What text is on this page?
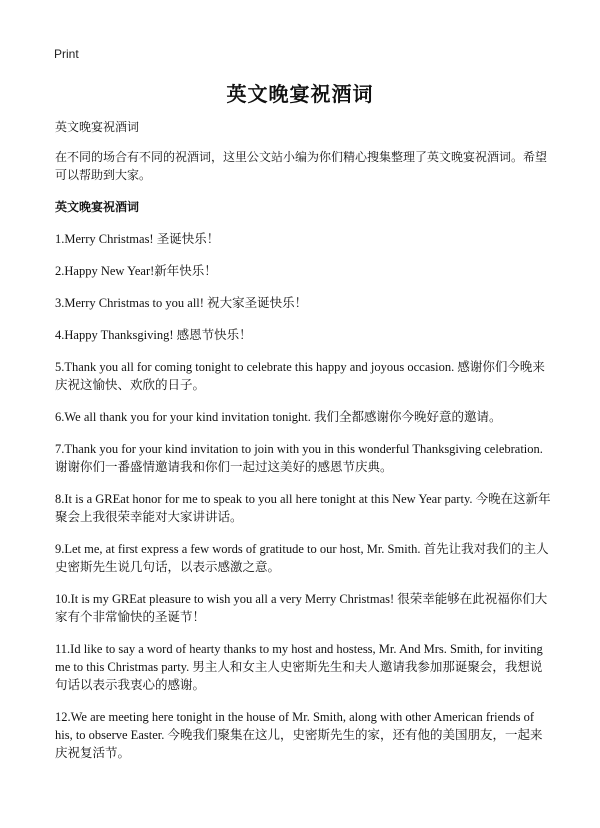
Print
英文晚宴祝酒词

英文晚宴祝酒词

在不同的场合有不同的祝酒词，这里公文站小编为你们精心搜集整理了英文晚宴祝酒词。希望可以帮助到大家。

英文晚宴祝酒词

1.Merry Christmas! 圣诞快乐！

2.Happy New Year!新年快乐！

3.Merry Christmas to you all! 祝大家圣诞快乐！

4.Happy Thanksgiving! 感恩节快乐！

5.Thank you all for coming tonight to celebrate this happy and joyous occasion. 感谢你们今晚来庆祝这愉快、欢欣的日子。

6.We all thank you for your kind invitation tonight. 我们全都感谢你今晚好意的邀请。

7.Thank you for your kind invitation to join with you in this wonderful Thanksgiving celebration. 谢谢你们一番盛情邀请我和你们一起过这美好的感恩节庆典。

8.It is a GREat honor for me to speak to you all here tonight at this New Year party. 今晚在这新年聚会上我很荣幸能对大家讲讲话。

9.Let me, at first express a few words of gratitude to our host, Mr. Smith. 首先让我对我们的主人史密斯先生说几句话，以表示感激之意。

10.It is my GREat pleasure to wish you all a very Merry Christmas! 很荣幸能够在此祝福你们大家有个非常愉快的圣诞节！

11.Id like to say a word of hearty thanks to my host and hostess, Mr. And Mrs. Smith, for inviting me to this Christmas party. 男主人和女主人史密斯先生和夫人邀请我参加那诞聚会，我想说句话以表示我衷心的感谢。

12.We are meeting here tonight in the house of Mr. Smith, along with other American friends of his, to observe Easter. 今晚我们聚集在这儿，史密斯先生的家，还有他的美国朋友，一起来庆祝复活节。
